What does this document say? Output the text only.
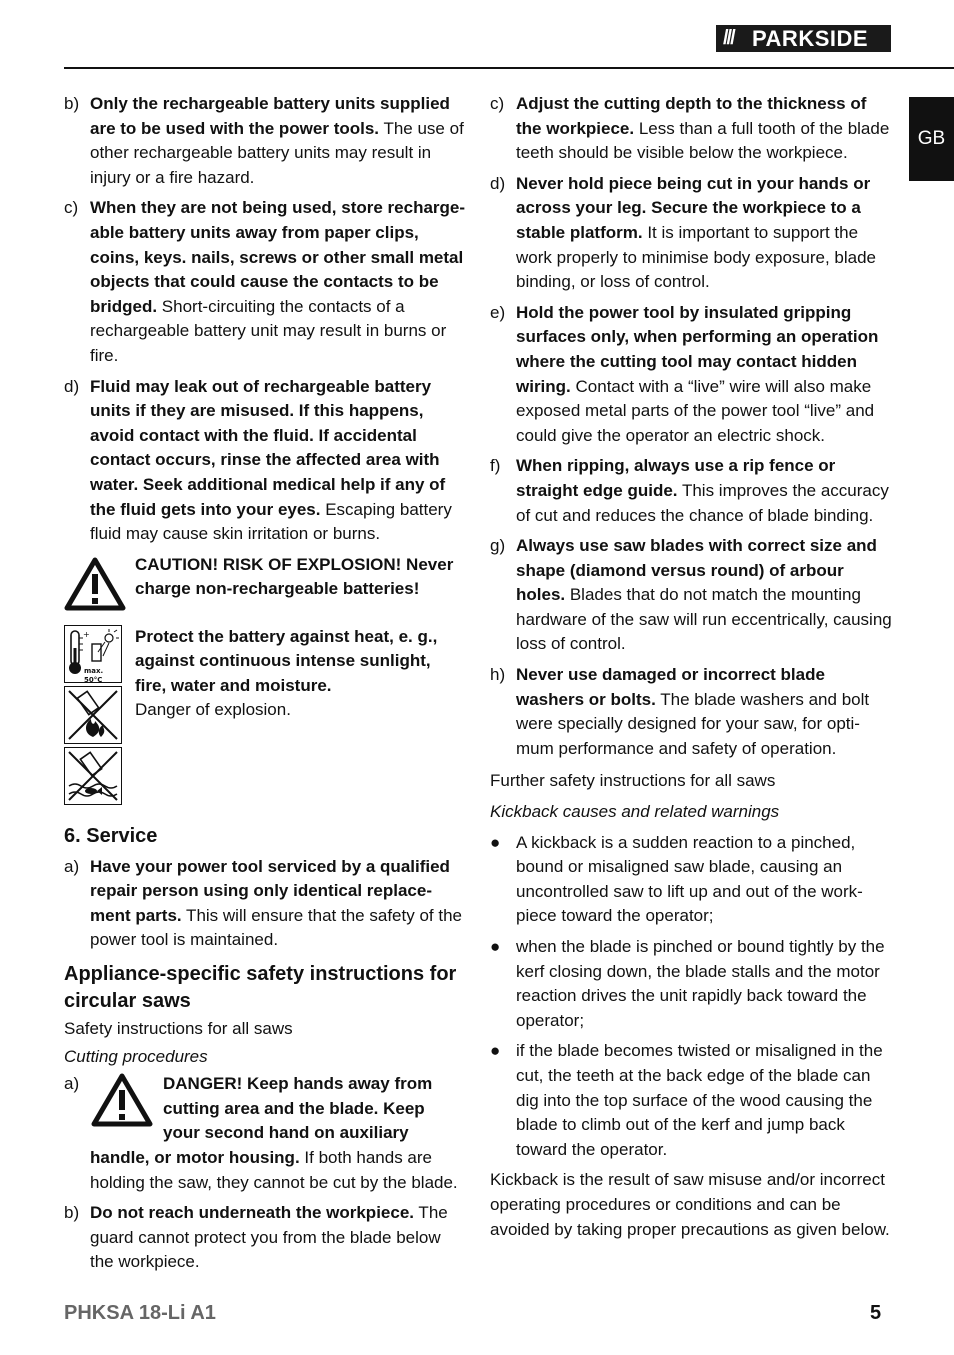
/// PARKSIDE
GB
b) Only the rechargeable battery units supplied are to be used with the power tools. The use of other rechargeable battery units may result in injury or a fire hazard.
c) When they are not being used, store rechargeable battery units away from paper clips, coins, keys. nails, screws or other small metal objects that could cause the contacts to be bridged. Short-circuiting the contacts of a rechargeable battery unit may result in burns or fire.
d) Fluid may leak out of rechargeable battery units if they are misused. If this happens, avoid contact with the fluid. If accidental contact occurs, rinse the affected area with water. Seek additional medical help if any of the fluid gets into your eyes. Escaping battery fluid may cause skin irritation or burns.
CAUTION! RISK OF EXPLOSION! Never charge non-rechargeable batteries!
+
max. 50°C
Protect the battery against heat, e. g., against continuous intense sunlight, fire, water and moisture.
Danger of explosion.
6. Service
a) Have your power tool serviced by a qualified repair person using only identical replacement parts. This will ensure that the safety of the power tool is maintained.
Appliance-specific safety instructions for circular saws
Safety instructions for all saws
Cutting procedures
a)	DANGER! Keep hands away from cutting area and the blade. Keep your second hand on auxiliary handle, or motor housing. If both hands are holding the saw, they cannot be cut by the blade.
b) Do not reach underneath the workpiece. The guard cannot protect you from the blade below the workpiece.
c) Adjust the cutting depth to the thickness of the workpiece. Less than a full tooth of the blade teeth should be visible below the workpiece.
d) Never hold piece being cut in your hands or across your leg. Secure the workpiece to a stable platform. It is important to support the work properly to minimise body exposure, blade binding, or loss of control.
e) Hold the power tool by insulated gripping surfaces only, when performing an operation where the cutting tool may contact hidden wiring. Contact with a “live” wire will also make exposed metal parts of the power tool “live” and could give the operator an electric shock.
f) When ripping, always use a rip fence or straight edge guide. This improves the accuracy of cut and reduces the chance of blade binding.
g) Always use saw blades with correct size and shape (diamond versus round) of arbour holes. Blades that do not match the mounting hardware of the saw will run eccentrically, causing loss of control.
h) Never use damaged or incorrect blade washers or bolts. The blade washers and bolt were specially designed for your saw, for optimum performance and safety of operation.
Further safety instructions for all saws
Kickback causes and related warnings
● A kickback is a sudden reaction to a pinched, bound or misaligned saw blade, causing an uncontrolled saw to lift up and out of the workpiece toward the operator;
● when the blade is pinched or bound tightly by the kerf closing down, the blade stalls and the motor reaction drives the unit rapidly back toward the operator;
● if the blade becomes twisted or misaligned in the cut, the teeth at the back edge of the blade can dig into the top surface of the wood causing the blade to climb out of the kerf and jump back toward the operator.
Kickback is the result of saw misuse and/or incorrect operating procedures or conditions and can be avoided by taking proper precautions as given below.
PHKSA 18-Li A1	5
